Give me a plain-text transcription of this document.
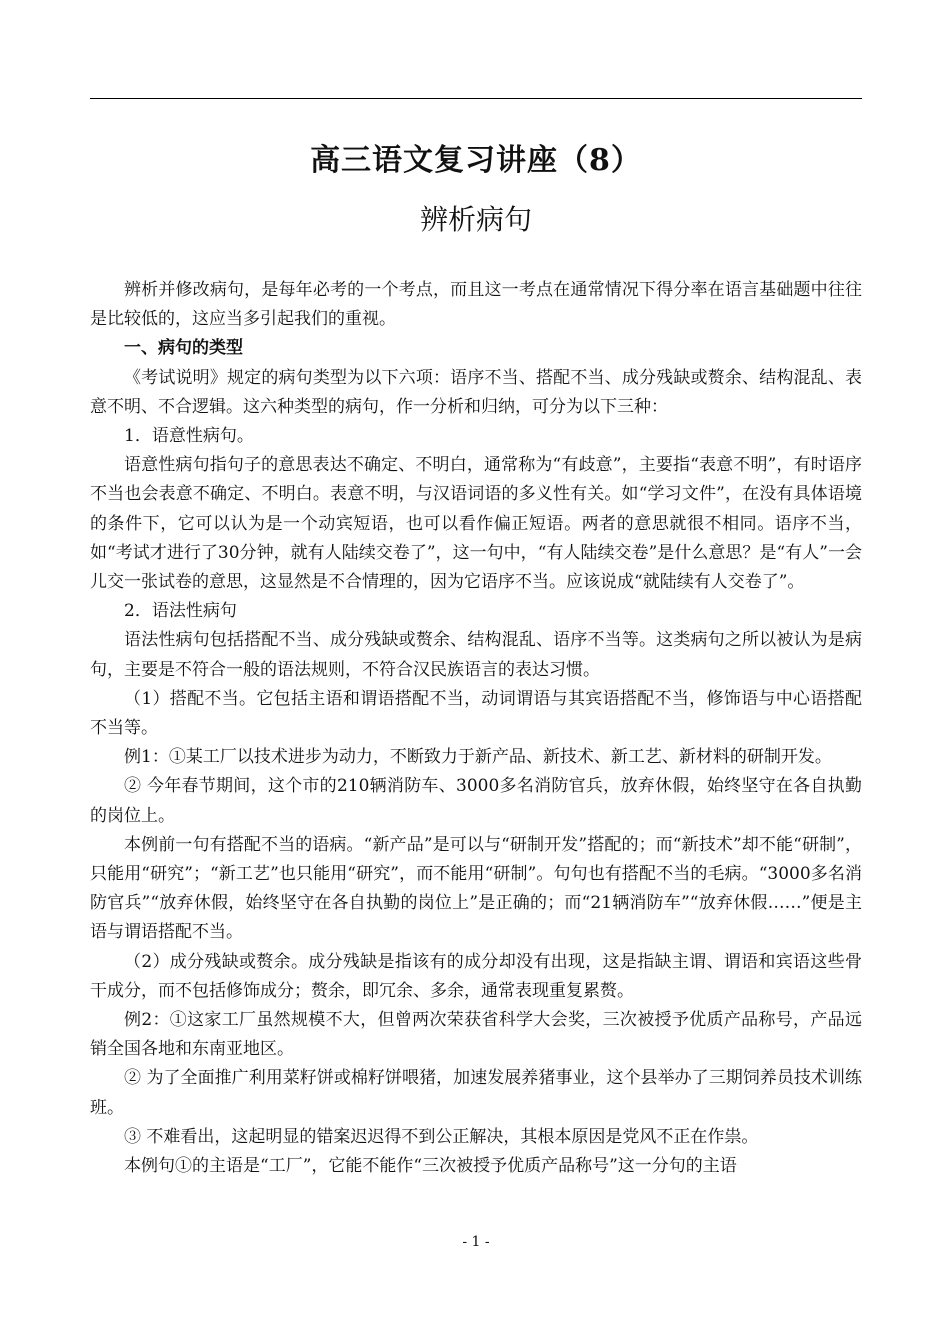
高三语文复习讲座（8）
辨析病句

辨析并修改病句，是每年必考的一个考点，而且这一考点在通常情况下得分率在语言基础题中往往是比较低的，这应当多引起我们的重视。

一、病句的类型

《考试说明》规定的病句类型为以下六项：语序不当、搭配不当、成分残缺或赘余、结构混乱、表意不明、不合逻辑。这六种类型的病句，作一分析和归纳，可分为以下三种：

1．语意性病句。

语意性病句指句子的意思表达不确定、不明白，通常称为“有歧意”，主要指“表意不明”，有时语序不当也会表意不确定、不明白。表意不明，与汉语词语的多义性有关。如“学习文件”，在没有具体语境的条件下，它可以认为是一个动宾短语，也可以看作偏正短语。两者的意思就很不相同。语序不当，如“考试才进行了30分钟，就有人陆续交卷了”，这一句中，“有人陆续交卷”是什么意思？是“有人”一会儿交一张试卷的意思，这显然是不合情理的，因为它语序不当。应该说成“就陆续有人交卷了”。

2．语法性病句

语法性病句包括搭配不当、成分残缺或赘余、结构混乱、语序不当等。这类病句之所以被认为是病句，主要是不符合一般的语法规则，不符合汉民族语言的表达习惯。

（1）搭配不当。它包括主语和谓语搭配不当，动词谓语与其宾语搭配不当，修饰语与中心语搭配不当等。

例1：①某工厂以技术进步为动力，不断致力于新产品、新技术、新工艺、新材料的研制开发。

② 今年春节期间，这个市的210辆消防车、3000多名消防官兵，放弃休假，始终坚守在各自执勤的岗位上。

本例前一句有搭配不当的语病。“新产品”是可以与“研制开发”搭配的；而“新技术”却不能“研制”，只能用“研究”；“新工艺”也只能用“研究”，而不能用“研制”。句句也有搭配不当的毛病。“3000多名消防官兵”“放弃休假，始终坚守在各自执勤的岗位上”是正确的；而“21辆消防车”“放弃休假……”便是主语与谓语搭配不当。

（2）成分残缺或赘余。成分残缺是指该有的成分却没有出现，这是指缺主谓、谓语和宾语这些骨干成分，而不包括修饰成分；赘余，即冗余、多余，通常表现重复累赘。

例2：①这家工厂虽然规模不大，但曾两次荣获省科学大会奖，三次被授予优质产品称号，产品远销全国各地和东南亚地区。

② 为了全面推广利用菜籽饼或棉籽饼喂猪，加速发展养猪事业，这个县举办了三期饲养员技术训练班。

③ 不难看出，这起明显的错案迟迟得不到公正解决，其根本原因是党风不正在作祟。

本例句①的主语是“工厂”，它能不能作“三次被授予优质产品称号”这一分句的主语

- 1 -
